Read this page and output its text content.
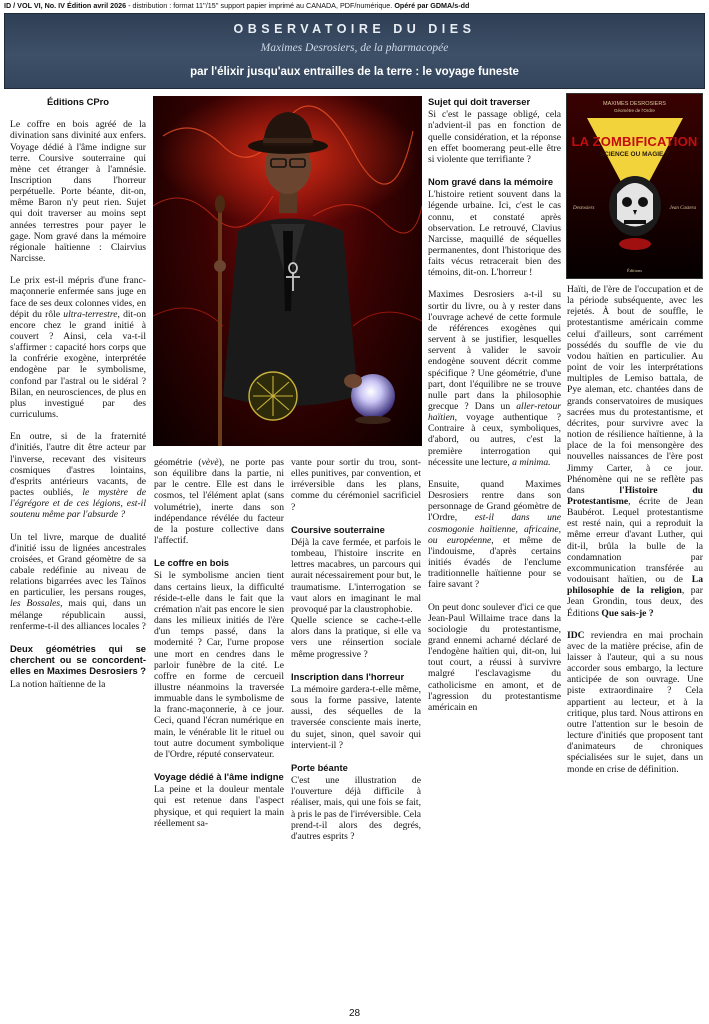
ID / VOL VI, No. IV Édition avril 2026 - distribution : format 11''/15'' support papier imprimé au CANADA, PDF/numérique. Opéré par GDMA/s-dd
OBSERVATOIRE DU DIES
Maximes Desrosiers, de la pharmacopée
par l'élixir jusqu'aux entrailles de la terre : le voyage funeste
Éditions CPro

Le coffre en bois agréé de la divination sans divinité aux enfers. Voyage dédié à l'âme indigne sur terre. Coursive souterraine qui mène cet étranger à l'amnésie. Inscription dans l'horreur perpétuelle. Porte béante, dit-on, même Baron n'y peut rien. Sujet qui doit traverser au moins sept années terrestres pour payer le gage. Nom gravé dans la mémoire régionale haïtienne : Clairvius Narcisse.

Le prix est-il mépris d'une franc-maçonnerie enfermée sans juge en face de ses deux colonnes vides, en dépit du rôle ultra-terrestre, dit-on encore chez le grand initié à couvert ? Ainsi, cela va-t-il s'affirmer : capacité hors corps que la confrérie exogène, interprétée endogène par le symbolisme, confond par l'astral ou le sidéral ? Bilan, en neurosciences, de plus en plus investigué par des curriculums.

En outre, si de la fraternité d'initiés, l'autre dit être acteur par l'inverse, recevant des visiteurs cosmiques d'astres lointains, d'esprits antérieurs vacants, de pactes oubliés, le mystère de l'égrégore et de ces légions, est-il soutenu même par l'absurde ?

Un tel livre, marque de dualité d'initié issu de lignées ancestrales croisées, et Grand géomètre de sa cabale redéfinie au niveau de relations bigarrées avec les Taïnos en particulier, les persans rouges, les Bossales, mais qui, dans un mélange républicain aussi, renferme-t-il des alliances locales ?

Deux géométries qui se cherchent ou se concordent-elles en Maximes Desrosiers ?

La notion haïtienne de la

géométrie (vèvè), ne porte pas son équilibre dans la partie, ni par le centre. Elle est dans le cosmos, tel l'élément aplat (sans volumétrie), inerte dans son indépendance révélée du facteur de la posture collective dans l'affectif.

Le coffre en bois

Si le symbolisme ancien tient dans certains lieux, la difficulté réside-t-elle dans le fait que la crémation n'ait pas encore le sien dans les milieux initiés de l'ère d'un temps passé, dans la modernité ? Car, l'urne propose une mort en cendres dans le parloir funèbre de la cité. Le coffre en forme de cercueil illustre néanmoins la traversée immuable dans le symbolisme de la franc-maçonnerie, à ce jour. Ceci, quand l'écran numérique en main, le vénérable lit le rituel ou tout autre document symbolique de l'Ordre, réputé conservateur.

Voyage dédié à l'âme indigne

La peine et la douleur mentale qui est retenue dans l'aspect physique, et qui requiert la main réellement sa-

vante pour sortir du trou, sont-elles punitives, par convention, et irréversible dans les plans, comme du cérémoniel sacrificiel ?

Coursive souterraine

Déjà la cave fermée, et parfois le tombeau, l'histoire inscrite en lettres macabres, un parcours qui aurait nécessairement pour but, le traumatisme. L'interrogation se vaut alors en imaginant le mal provoqué par la claustrophobie.

Quelle science se cache-t-elle alors dans la pratique, si elle va vers une réinsertion sociale même progressive ?

Inscription dans l'horreur

La mémoire gardera-t-elle même, sous la forme passive, latente aussi, des séquelles de la traversée consciente mais inerte, du sujet, sinon, quel savoir qui intervient-il ?

Porte béante

C'est une illustration de l'ouverture déjà difficile à réaliser, mais, qui une fois se fait, à pris le pas de l'irréversible. Cela prend-t-il alors des degrés, d'autres esprits ?

Sujet qui doit traverser

Si c'est le passage obligé, cela n'advient-il pas en fonction de quelle considération, et la réponse en effet boomerang peut-elle être si violente que terrifiante ?

Nom gravé dans la mémoire

L'histoire retient souvent dans la légende urbaine. Ici, c'est le cas connu, et constaté après observation. Le retrouvé, Clavius Narcisse, maquillé de séquelles permanentes, dont l'historique des faits vécus retracerait bien des témoins, dit-on. L'horreur !

Maximes Desrosiers a-t-il su sortir du livre, ou à y rester dans l'ouvrage achevé de cette formule de références exogènes qui servent à se justifier, lesquelles servent à valider le savoir endogène souvent décrit comme spécifique ? Une géométrie, d'une part, dont l'équilibre ne se trouve nulle part dans la philosophie grecque ? Dans un aller-retour haïtien, voyage authentique ? Contraire à ceux, symboliques, d'abord, ou autres, c'est la première interrogation qui nécessite une lecture, a minima.

Ensuite, quand Maximes Desrosiers rentre dans son personnage de Grand géomètre de l'Ordre, est-il dans une cosmogonie haïtienne, africaine, ou européenne, et même de l'indouisme, d'après certains initiés évadés de l'enclume traditionnelle haïtienne pour se faire savant ?

On peut donc soulever d'ici ce que Jean-Paul Willaime trace dans la sociologie du protestantisme, grand ennemi acharné déclaré de l'endogène haïtien qui, dit-on, lui tout court, a réussi à survivre malgré l'esclavagisme du catholicisme en amont, et de l'agression du protestantisme américain en

MAXIMES DESROSIERS
Géomètre de l'Ordre
LA ZOMBIFICATION
SCIENCE OU MAGIE ?
Desrosiers	Jean Castera
Éditions

Haïti, de l'ère de l'occupation et de la période subséquente, avec les rejetés. À bout de souffle, le protestantisme américain comme celui d'ailleurs, sont carrément possédés du souffle de vie du vodou haïtien en particulier. Au point de voir les interprétations multiples de Lemiso battala, de Pye aleman, etc. chantées dans de grands conservatoires de musiques sacrées mus du protestantisme, et décrites, pour survivre avec la notion de résilience haïtienne, à la place de la foi mensongère des nouvelles naissances de l'ère post Jimmy Carter, à ce jour. Phénomène qui ne se reflète pas dans l'Histoire du Protestantisme, écrite de Jean Baubérot. Lequel protestantisme est resté nain, qui a reproduit la même erreur d'avant Luther, qui dit-il, brûla la bulle de la condamnation par excommunication transférée au vodouisant haïtien, ou de La philosophie de la religion, par Jean Grondin, tous deux, des Éditions Que sais-je ?

IDC reviendra en mai prochain avec de la matière précise, afin de laisser à l'auteur, qui a su nous accorder sous embargo, la lecture anticipée de son ouvrage. Une piste extraordinaire ? Cela appartient au lecteur, et à la critique, plus tard. Nous attirons en outre l'attention sur le besoin de lecture d'initiés que proposent tant d'animateurs de chroniques spécialisées sur le sujet, dans un monde en crise de définition.

28
